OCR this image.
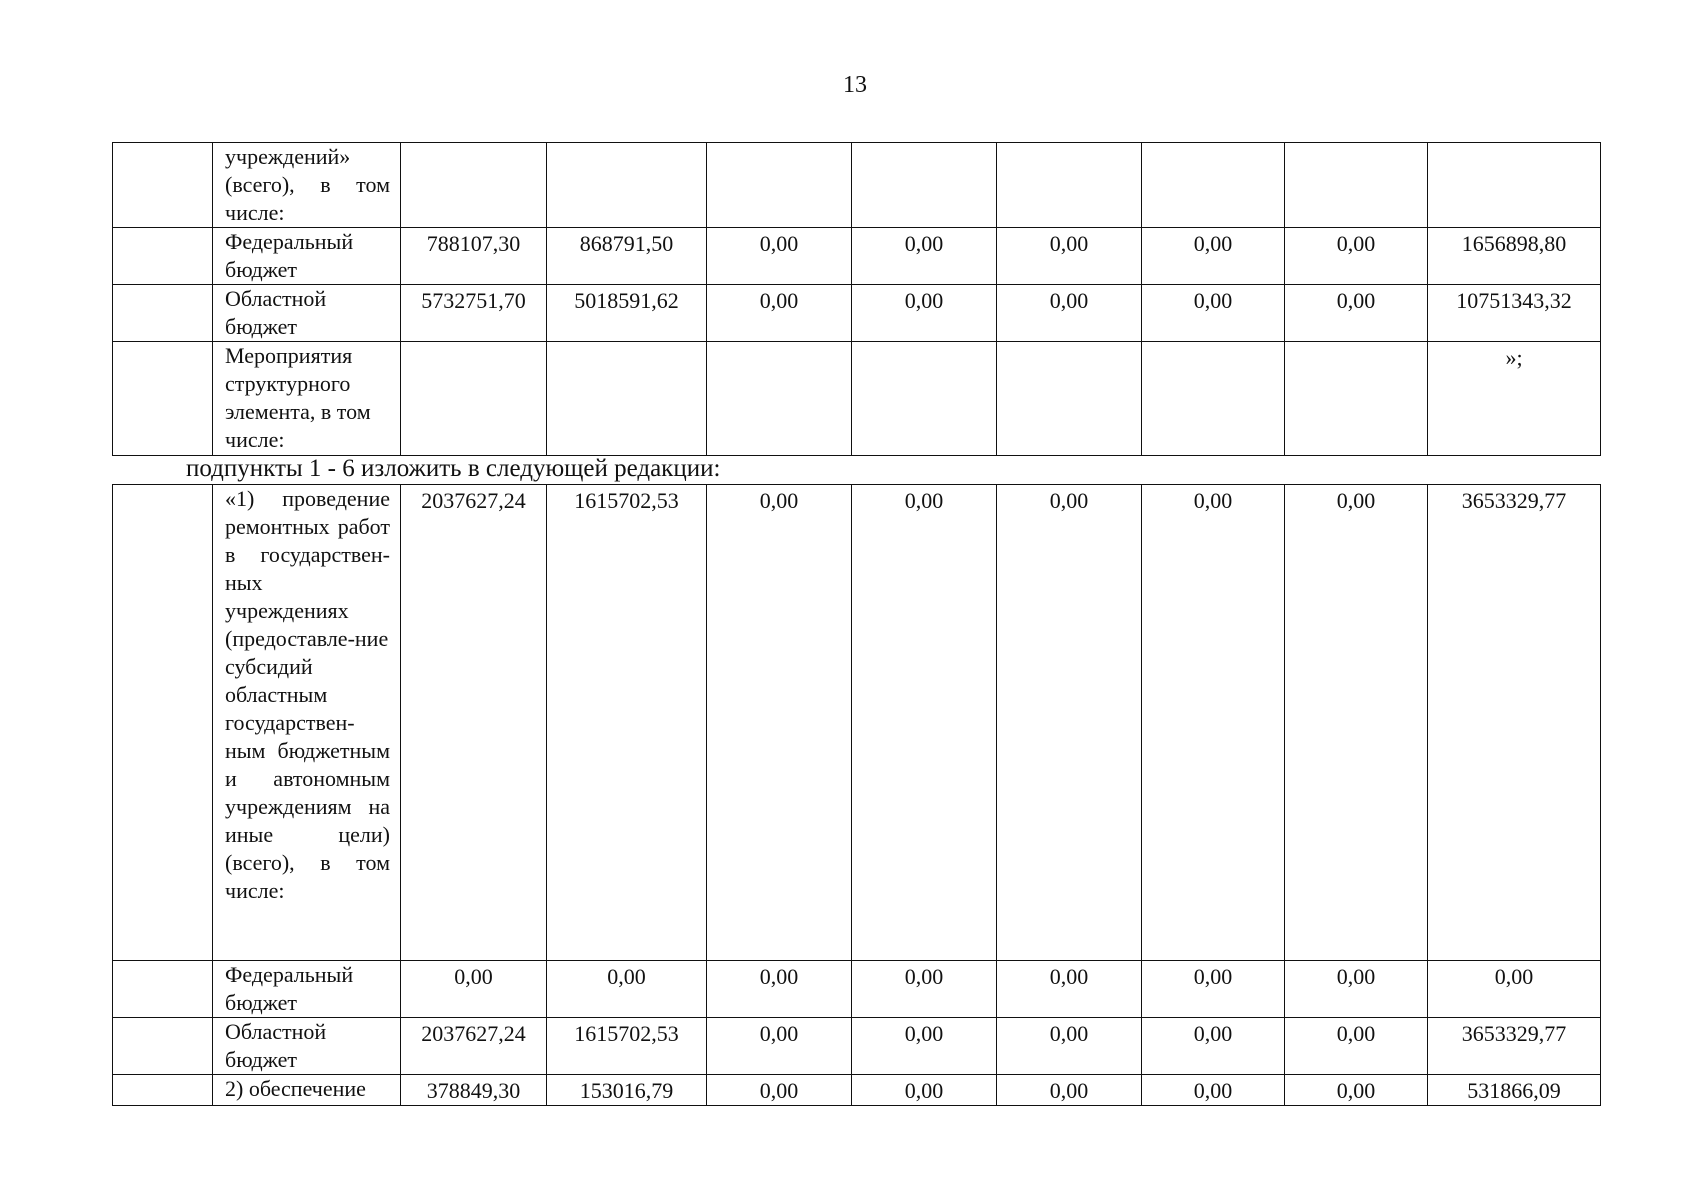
13
	учреждений» (всего), в том числе:								
	Федеральный бюджет	788107,30	868791,50	0,00	0,00	0,00	0,00	0,00	1656898,80
	Областной бюджет	5732751,70	5018591,62	0,00	0,00	0,00	0,00	0,00	10751343,32
	Мероприятия структурного элемента, в том числе:								»;
подпункты 1 - 6 изложить в следующей редакции:
	«1) проведение ремонтных работ в государствен-ных учреждениях (предоставле-ние субсидий областным государствен-ным бюджетным и автономным учреждениям на иные цели) (всего), в том числе:	2037627,24	1615702,53	0,00	0,00	0,00	0,00	0,00	3653329,77
	Федеральный бюджет	0,00	0,00	0,00	0,00	0,00	0,00	0,00	0,00
	Областной бюджет	2037627,24	1615702,53	0,00	0,00	0,00	0,00	0,00	3653329,77
	2) обеспечение	378849,30	153016,79	0,00	0,00	0,00	0,00	0,00	531866,09
